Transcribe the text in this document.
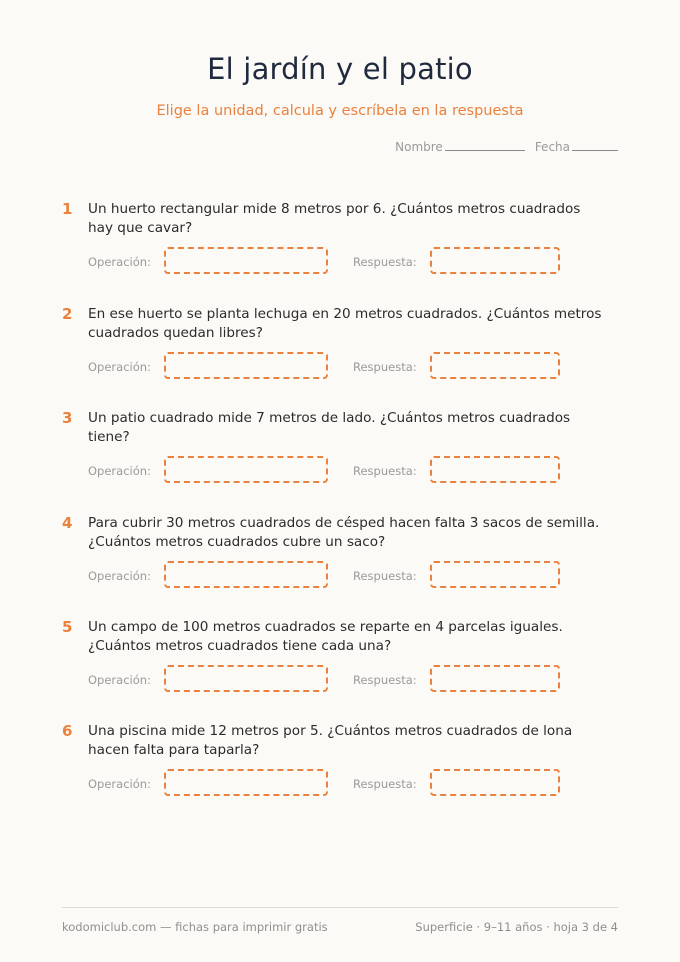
El jardín y el patio
Elige la unidad, calcula y escríbela en la respuesta
Nombre	Fecha
1 Un huerto rectangular mide 8 metros por 6. ¿Cuántos metros cuadrados hay que cavar?
Operación:	Respuesta:
2 En ese huerto se planta lechuga en 20 metros cuadrados. ¿Cuántos metros cuadrados quedan libres?
Operación:	Respuesta:
3 Un patio cuadrado mide 7 metros de lado. ¿Cuántos metros cuadrados tiene?
Operación:	Respuesta:
4 Para cubrir 30 metros cuadrados de césped hacen falta 3 sacos de semilla. ¿Cuántos metros cuadrados cubre un saco?
Operación:	Respuesta:
5 Un campo de 100 metros cuadrados se reparte en 4 parcelas iguales. ¿Cuántos metros cuadrados tiene cada una?
Operación:	Respuesta:
6 Una piscina mide 12 metros por 5. ¿Cuántos metros cuadrados de lona hacen falta para taparla?
Operación:	Respuesta:
kodomiclub.com — fichas para imprimir gratis	Superficie · 9–11 años · hoja 3 de 4
